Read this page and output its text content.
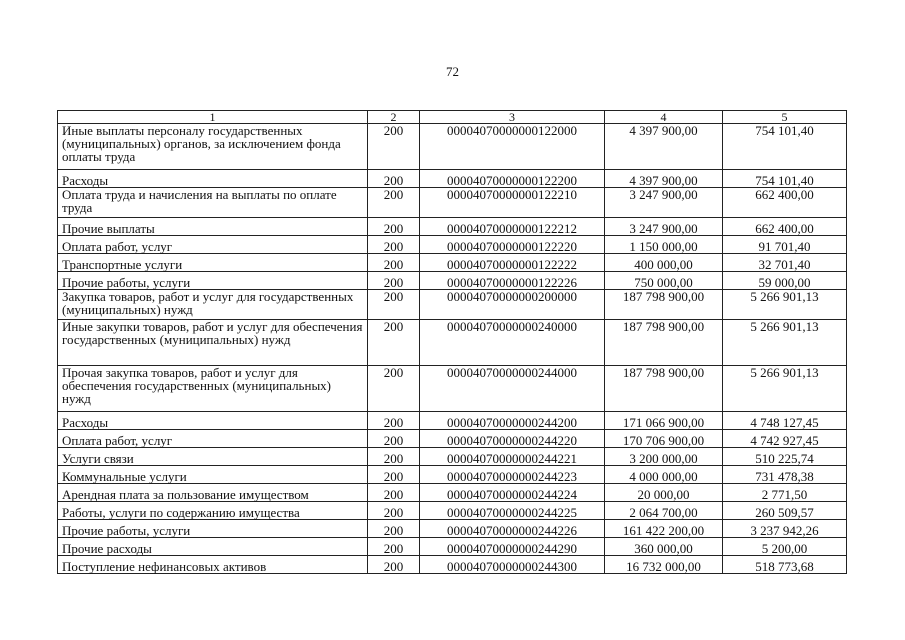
72
1	2	3	4	5
Иные выплаты персоналу государственных (муниципальных) органов, за исключением фонда оплаты труда	200	00004070000000122000	4 397 900,00	754 101,40
Расходы	200	00004070000000122200	4 397 900,00	754 101,40
Оплата труда и начисления на выплаты по оплате труда	200	00004070000000122210	3 247 900,00	662 400,00
Прочие выплаты	200	00004070000000122212	3 247 900,00	662 400,00
Оплата работ, услуг	200	00004070000000122220	1 150 000,00	91 701,40
Транспортные услуги	200	00004070000000122222	400 000,00	32 701,40
Прочие работы, услуги	200	00004070000000122226	750 000,00	59 000,00
Закупка товаров, работ и услуг для государственных (муниципальных) нужд	200	00004070000000200000	187 798 900,00	5 266 901,13
Иные закупки товаров, работ и услуг для обеспечения государственных (муниципальных) нужд	200	00004070000000240000	187 798 900,00	5 266 901,13
Прочая закупка товаров, работ и услуг для обеспечения государственных (муниципальных) нужд	200	00004070000000244000	187 798 900,00	5 266 901,13
Расходы	200	00004070000000244200	171 066 900,00	4 748 127,45
Оплата работ, услуг	200	00004070000000244220	170 706 900,00	4 742 927,45
Услуги связи	200	00004070000000244221	3 200 000,00	510 225,74
Коммунальные услуги	200	00004070000000244223	4 000 000,00	731 478,38
Арендная плата за пользование имуществом	200	00004070000000244224	20 000,00	2 771,50
Работы, услуги по содержанию имущества	200	00004070000000244225	2 064 700,00	260 509,57
Прочие работы, услуги	200	00004070000000244226	161 422 200,00	3 237 942,26
Прочие расходы	200	00004070000000244290	360 000,00	5 200,00
Поступление нефинансовых активов	200	00004070000000244300	16 732 000,00	518 773,68
